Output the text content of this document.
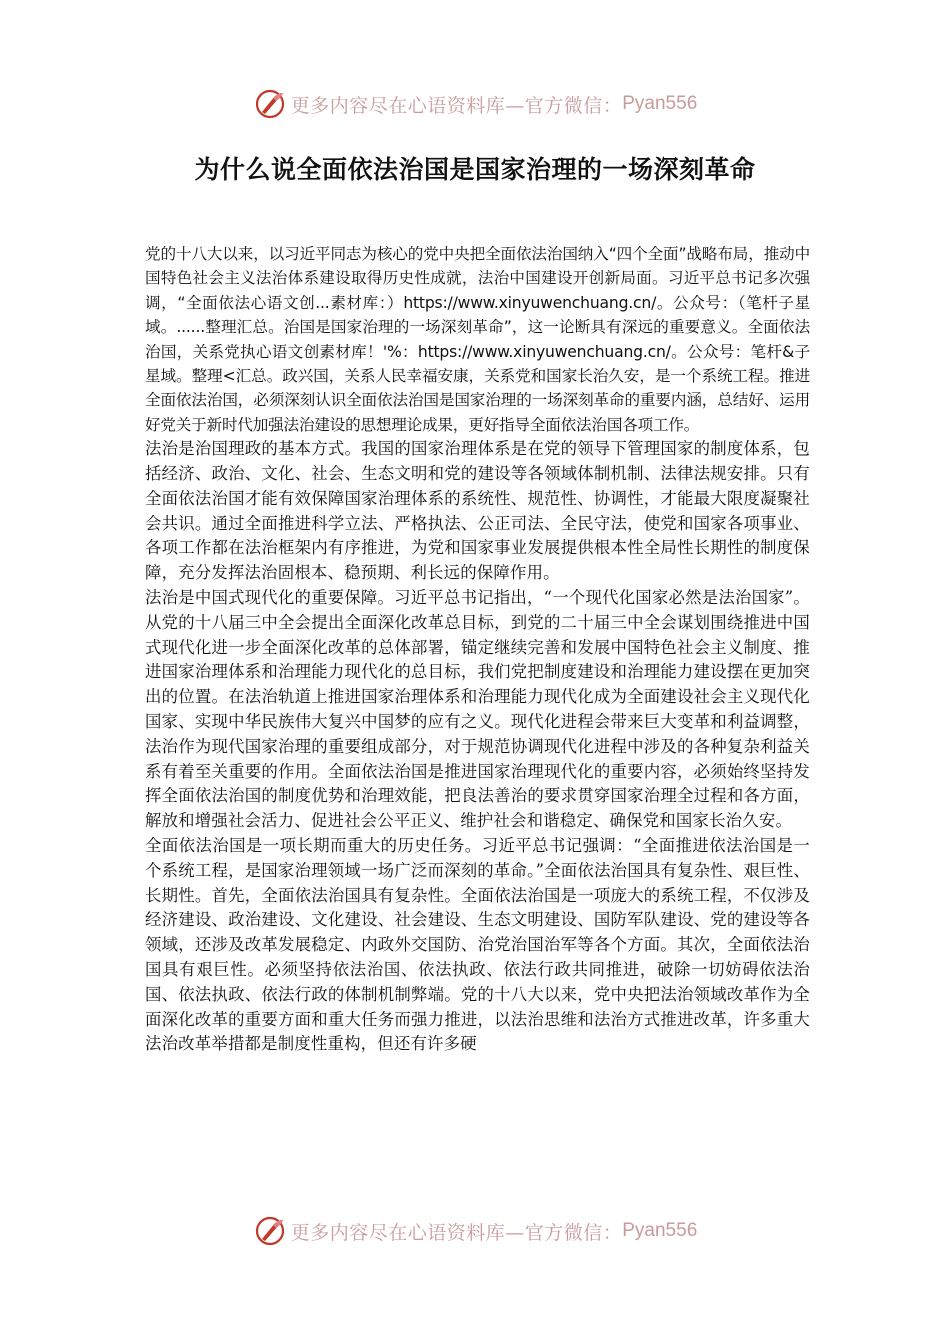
更多内容尽在心语资料库—官方微信： Pyan556
为什么说全面依法治国是国家治理的一场深刻革命

党的十八大以来，以习近平同志为核心的党中央把全面依法治国纳入“四个全面”战略布局，推动中国特色社会主义法治体系建设取得历史性成就，法治中国建设开创新局面。习近平总书记多次强调，“全面依法心语文创...素材库：）https://www.xinyuwenchuang.cn/。公众号：（笔杆子星域。......整理汇总。治国是国家治理的一场深刻革命”，这一论断具有深远的重要意义。全面依法治国，关系党执心语文创素材库！'%：https://www.xinyuwenchuang.cn/。公众号：笔杆&子星域。整理<汇总。政兴国，关系人民幸福安康，关系党和国家长治久安，是一个系统工程。推进全面依法治国，必须深刻认识全面依法治国是国家治理的一场深刻革命的重要内涵，总结好、运用好党关于新时代加强法治建设的思想理论成果，更好指导全面依法治国各项工作。

法治是治国理政的基本方式。我国的国家治理体系是在党的领导下管理国家的制度体系，包括经济、政治、文化、社会、生态文明和党的建设等各领域体制机制、法律法规安排。只有全面依法治国才能有效保障国家治理体系的系统性、规范性、协调性，才能最大限度凝聚社会共识。通过全面推进科学立法、严格执法、公正司法、全民守法，使党和国家各项事业、各项工作都在法治框架内有序推进，为党和国家事业发展提供根本性全局性长期性的制度保障，充分发挥法治固根本、稳预期、利长远的保障作用。

法治是中国式现代化的重要保障。习近平总书记指出，“一个现代化国家必然是法治国家”。从党的十八届三中全会提出全面深化改革总目标，到党的二十届三中全会谋划围绕推进中国式现代化进一步全面深化改革的总体部署，锚定继续完善和发展中国特色社会主义制度、推进国家治理体系和治理能力现代化的总目标，我们党把制度建设和治理能力建设摆在更加突出的位置。在法治轨道上推进国家治理体系和治理能力现代化成为全面建设社会主义现代化国家、实现中华民族伟大复兴中国梦的应有之义。现代化进程会带来巨大变革和利益调整，法治作为现代国家治理的重要组成部分，对于规范协调现代化进程中涉及的各种复杂利益关系有着至关重要的作用。全面依法治国是推进国家治理现代化的重要内容，必须始终坚持发挥全面依法治国的制度优势和治理效能，把良法善治的要求贯穿国家治理全过程和各方面，解放和增强社会活力、促进社会公平正义、维护社会和谐稳定、确保党和国家长治久安。

全面依法治国是一项长期而重大的历史任务。习近平总书记强调：“全面推进依法治国是一个系统工程，是国家治理领域一场广泛而深刻的革命。”全面依法治国具有复杂性、艰巨性、长期性。首先，全面依法治国具有复杂性。全面依法治国是一项庞大的系统工程，不仅涉及经济建设、政治建设、文化建设、社会建设、生态文明建设、国防军队建设、党的建设等各领域，还涉及改革发展稳定、内政外交国防、治党治国治军等各个方面。其次，全面依法治国具有艰巨性。必须坚持依法治国、依法执政、依法行政共同推进，破除一切妨碍依法治国、依法执政、依法行政的体制机制弊端。党的十八大以来，党中央把法治领域改革作为全面深化改革的重要方面和重大任务而强力推进，以法治思维和法治方式推进改革，许多重大法治改革举措都是制度性重构，但还有许多硬

更多内容尽在心语资料库—官方微信： Pyan556
